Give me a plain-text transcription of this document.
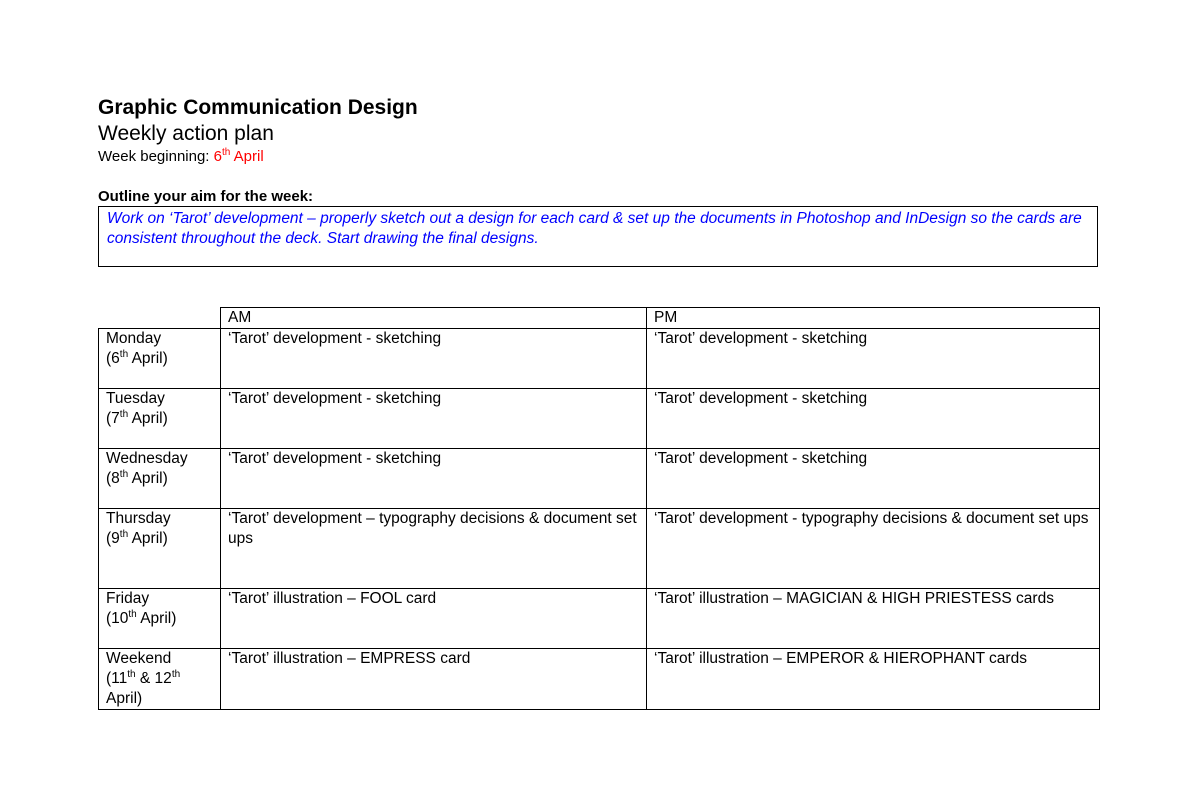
Graphic Communication Design
Weekly action plan
Week beginning: 6th April
Outline your aim for the week:
Work on ‘Tarot’ development – properly sketch out a design for each card & set up the documents in Photoshop and InDesign so the cards are consistent throughout the deck. Start drawing the final designs.
	AM	PM
Monday
(6th April)	‘Tarot’ development - sketching	‘Tarot’ development - sketching
Tuesday
(7th April)	‘Tarot’ development - sketching	‘Tarot’ development - sketching
Wednesday
(8th April)	‘Tarot’ development - sketching	‘Tarot’ development - sketching
Thursday
(9th April)	‘Tarot’ development – typography decisions & document set ups	‘Tarot’ development - typography decisions & document set ups
Friday
(10th April)	‘Tarot’ illustration – FOOL card	‘Tarot’ illustration – MAGICIAN & HIGH PRIESTESS cards
Weekend
(11th & 12th April)	‘Tarot’ illustration – EMPRESS card	‘Tarot’ illustration – EMPEROR & HIEROPHANT cards
